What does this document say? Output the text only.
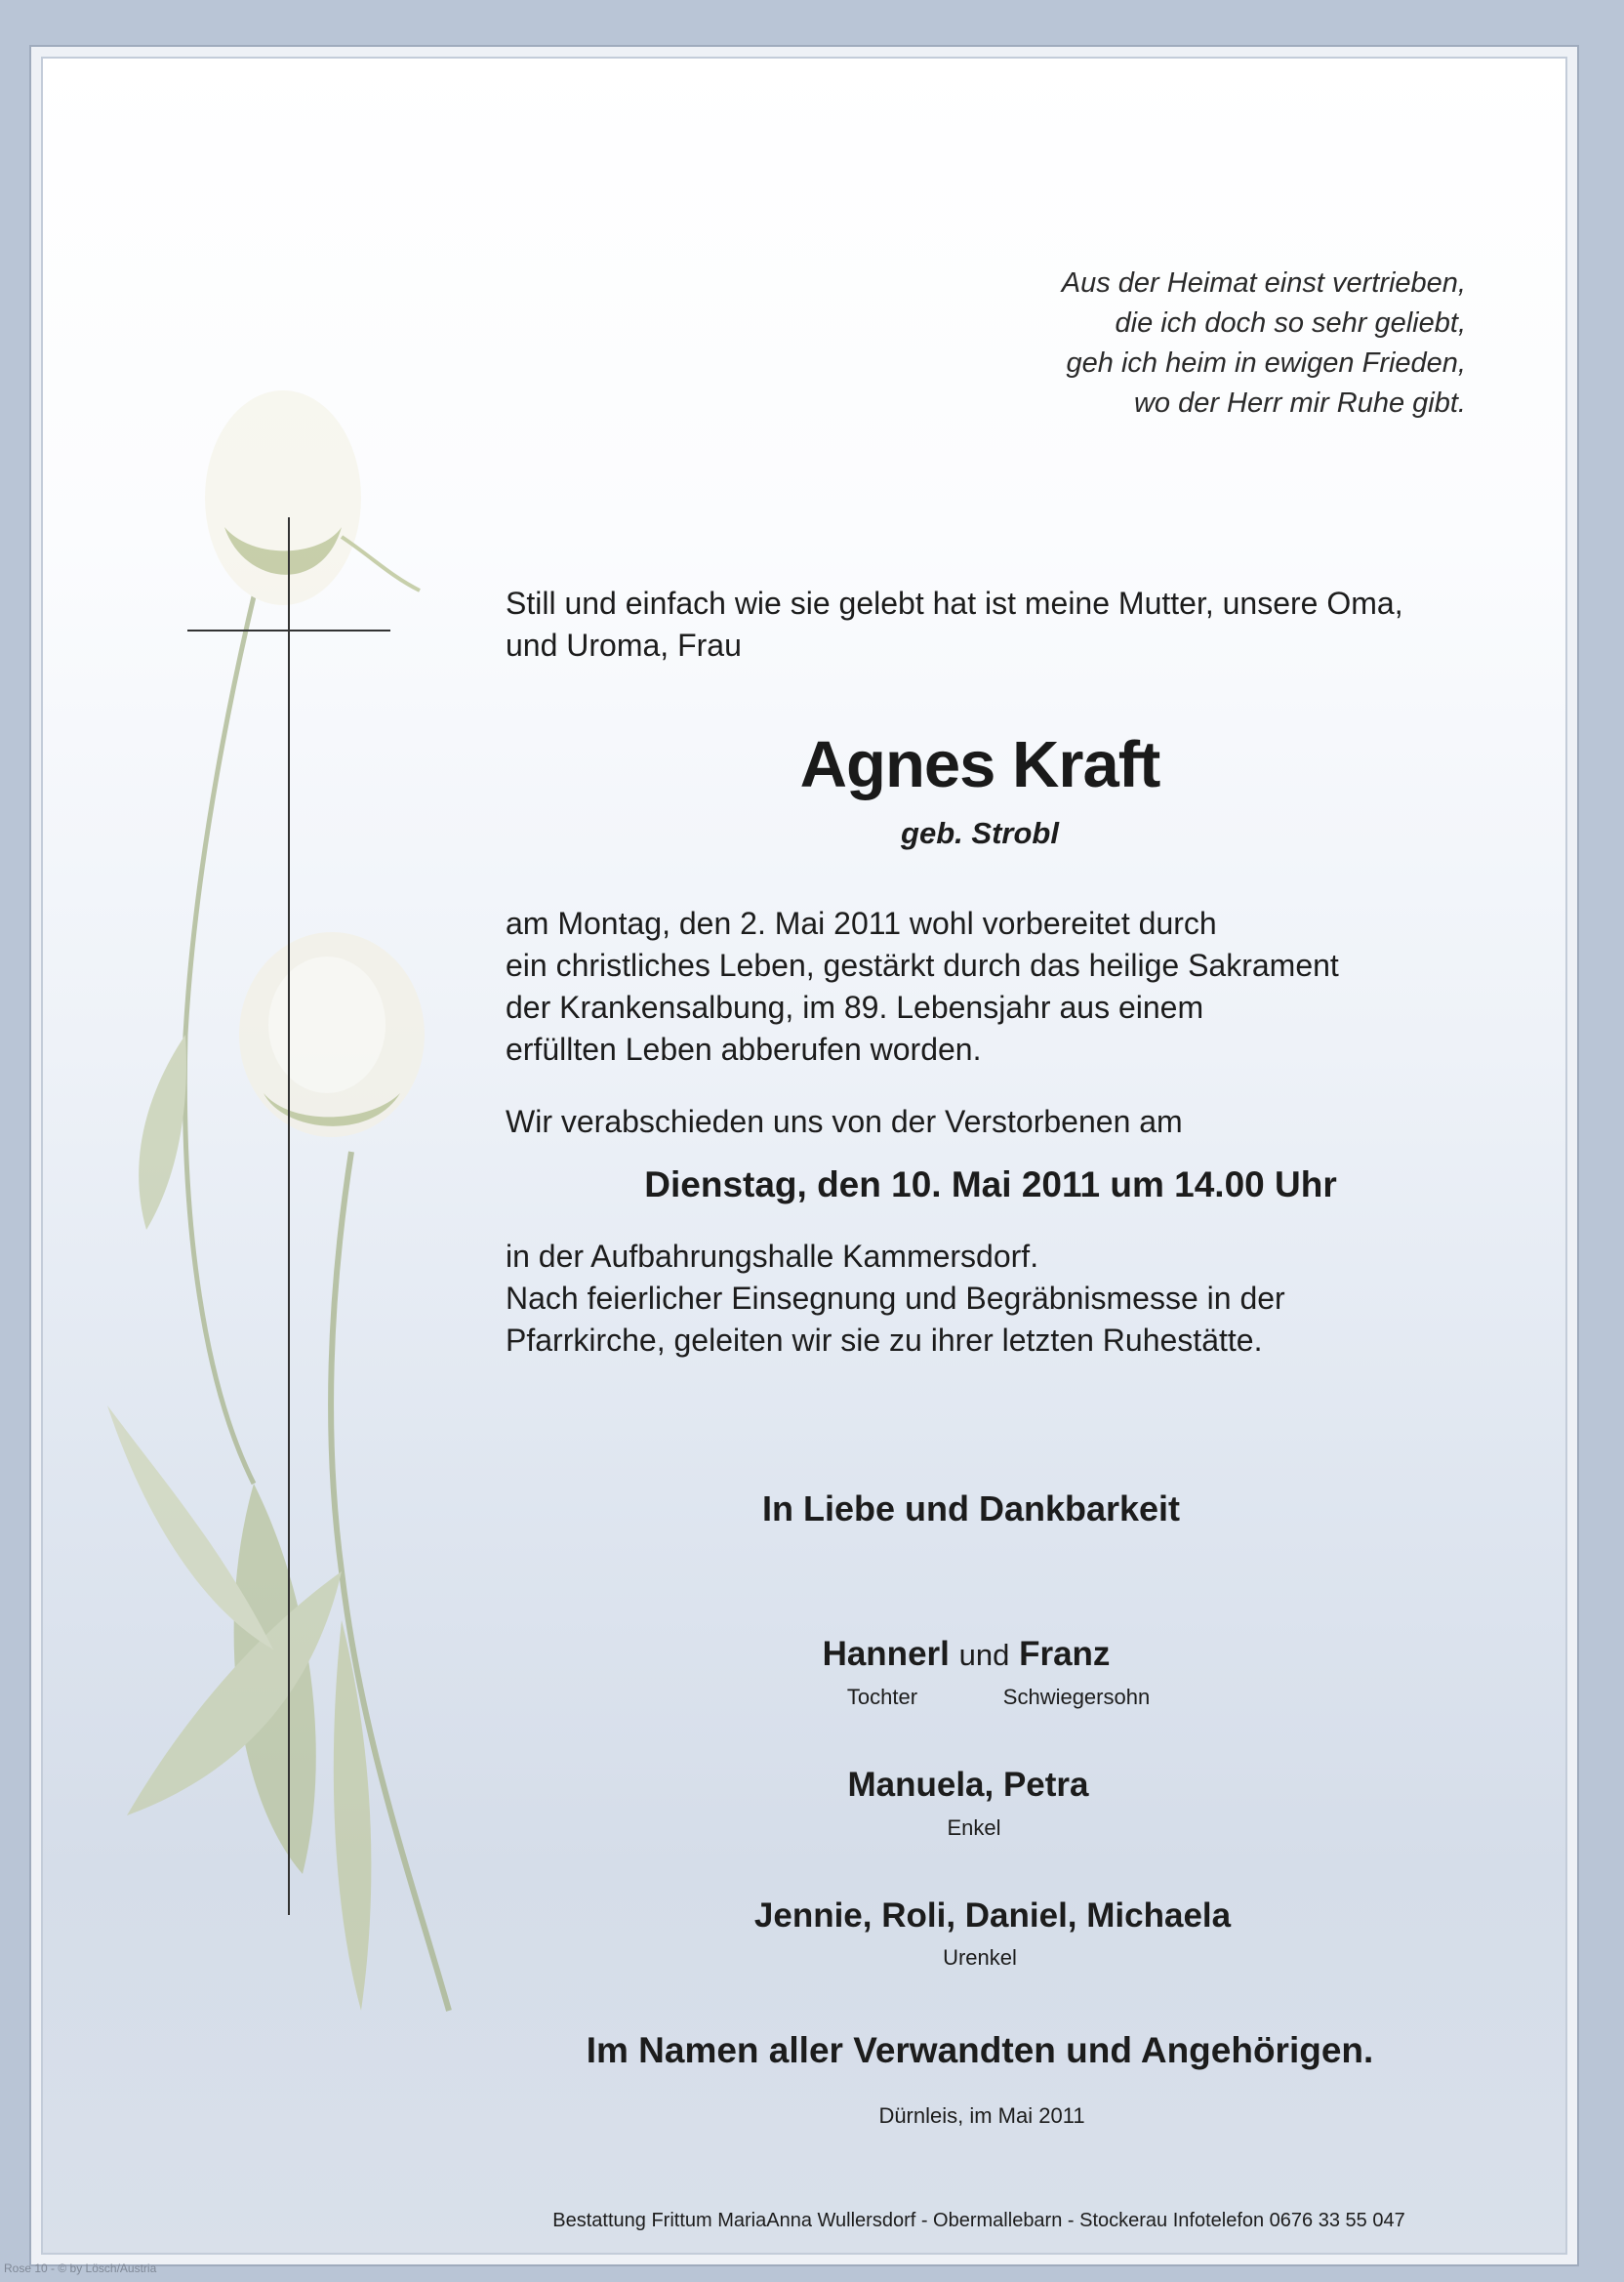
Aus der Heimat einst vertrieben,
die ich doch so sehr geliebt,
geh ich heim in ewigen Frieden,
wo der Herr mir Ruhe gibt.
Still und einfach wie sie gelebt hat ist meine Mutter, unsere Oma,
und Uroma, Frau
Agnes Kraft
geb. Strobl
am Montag, den 2. Mai 2011 wohl vorbereitet durch
ein christliches Leben, gestärkt durch das heilige Sakrament
der Krankensalbung, im 89. Lebensjahr aus einem
erfüllten Leben abberufen worden.
Wir verabschieden uns von der Verstorbenen am
Dienstag, den 10. Mai 2011 um 14.00 Uhr
in der Aufbahrungshalle Kammersdorf.
Nach feierlicher Einsegnung und Begräbnismesse in der
Pfarrkirche, geleiten wir sie zu ihrer letzten Ruhestätte.
In Liebe und Dankbarkeit
Hannerl und Franz
Tochter	Schwiegersohn
Manuela, Petra
Enkel
Jennie, Roli, Daniel, Michaela
Urenkel
Im Namen aller Verwandten und Angehörigen.
Dürnleis, im Mai 2011
Bestattung Frittum MariaAnna Wullersdorf - Obermallebarn - Stockerau Infotelefon 0676 33 55 047
Rose 10 - © by Lösch/Austria
